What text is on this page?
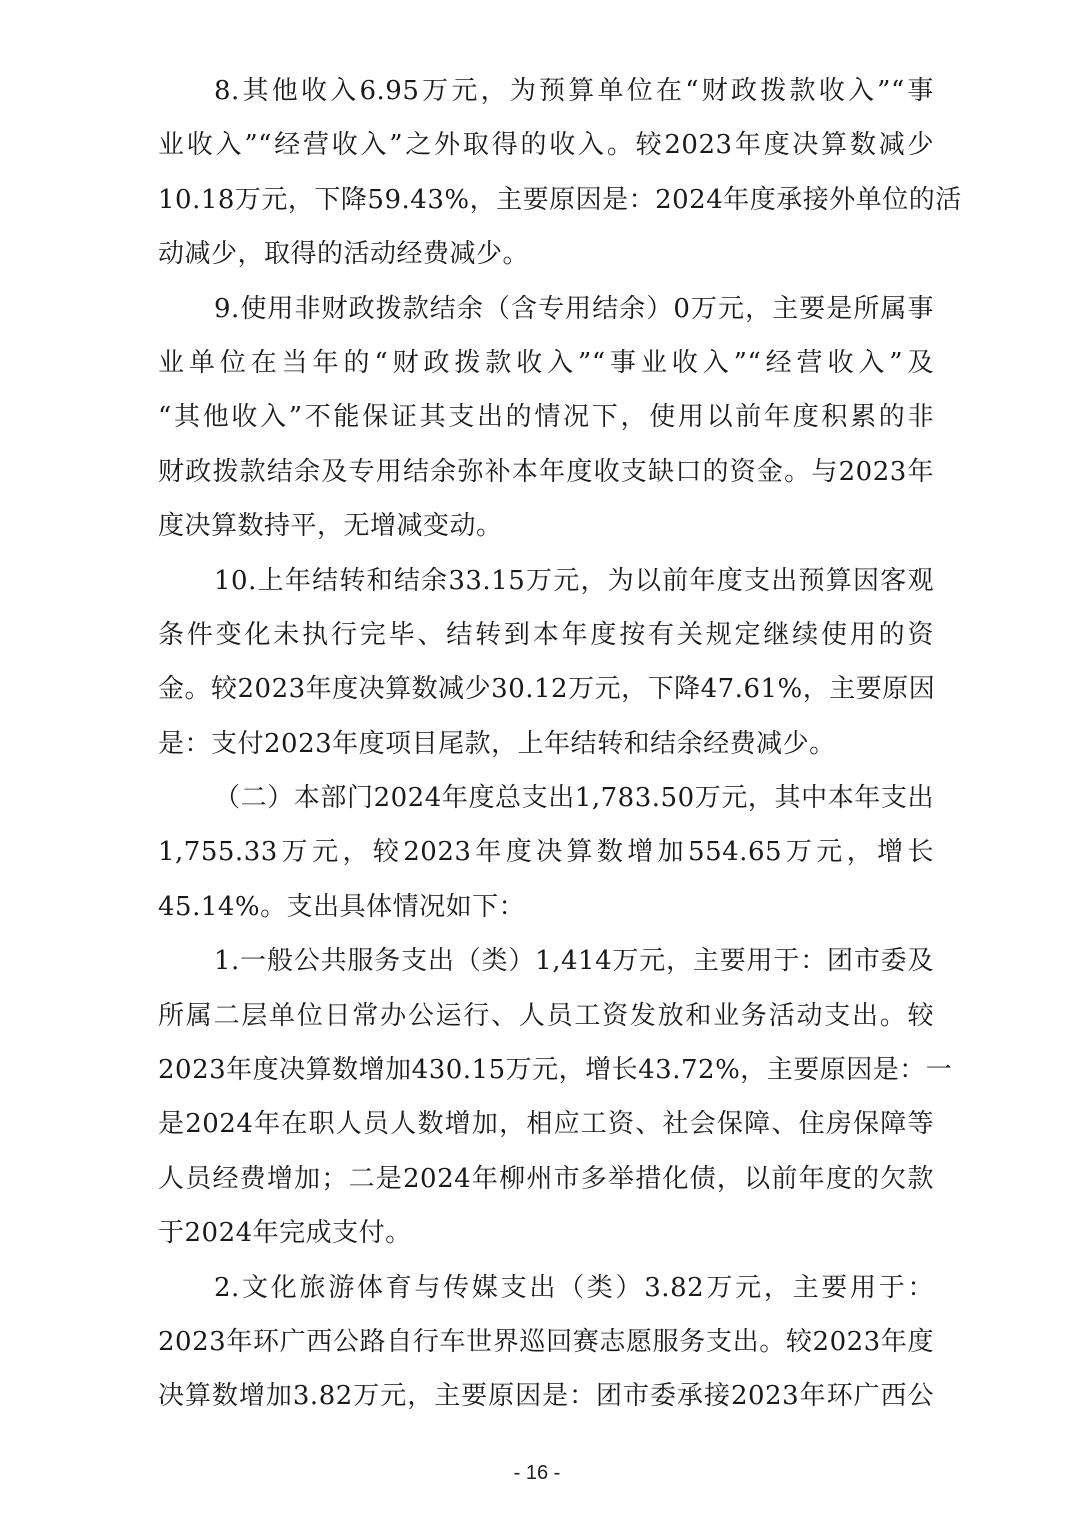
8.其他收入6.95万元，为预算单位在“财政拨款收入”“事
业收入”“经营收入”之外取得的收入。较2023年度决算数减少
10.18万元，下降59.43%，主要原因是：2024年度承接外单位的活
动减少，取得的活动经费减少。
9.使用非财政拨款结余（含专用结余）0万元，主要是所属事
业单位在当年的“财政拨款收入”“事业收入”“经营收入”及
“其他收入”不能保证其支出的情况下，使用以前年度积累的非
财政拨款结余及专用结余弥补本年度收支缺口的资金。与2023年
度决算数持平，无增减变动。
10.上年结转和结余33.15万元，为以前年度支出预算因客观
条件变化未执行完毕、结转到本年度按有关规定继续使用的资
金。较2023年度决算数减少30.12万元，下降47.61%，主要原因
是：支付2023年度项目尾款，上年结转和结余经费减少。
（二）本部门2024年度总支出1,783.50万元，其中本年支出
1,755.33万元，较2023年度决算数增加554.65万元，增长
45.14%。支出具体情况如下：
1.一般公共服务支出（类）1,414万元，主要用于：团市委及
所属二层单位日常办公运行、人员工资发放和业务活动支出。较
2023年度决算数增加430.15万元，增长43.72%，主要原因是：一
是2024年在职人员人数增加，相应工资、社会保障、住房保障等
人员经费增加；二是2024年柳州市多举措化债，以前年度的欠款
于2024年完成支付。
2.文化旅游体育与传媒支出（类）3.82万元，主要用于：
2023年环广西公路自行车世界巡回赛志愿服务支出。较2023年度
决算数增加3.82万元，主要原因是：团市委承接2023年环广西公
- 16 -
